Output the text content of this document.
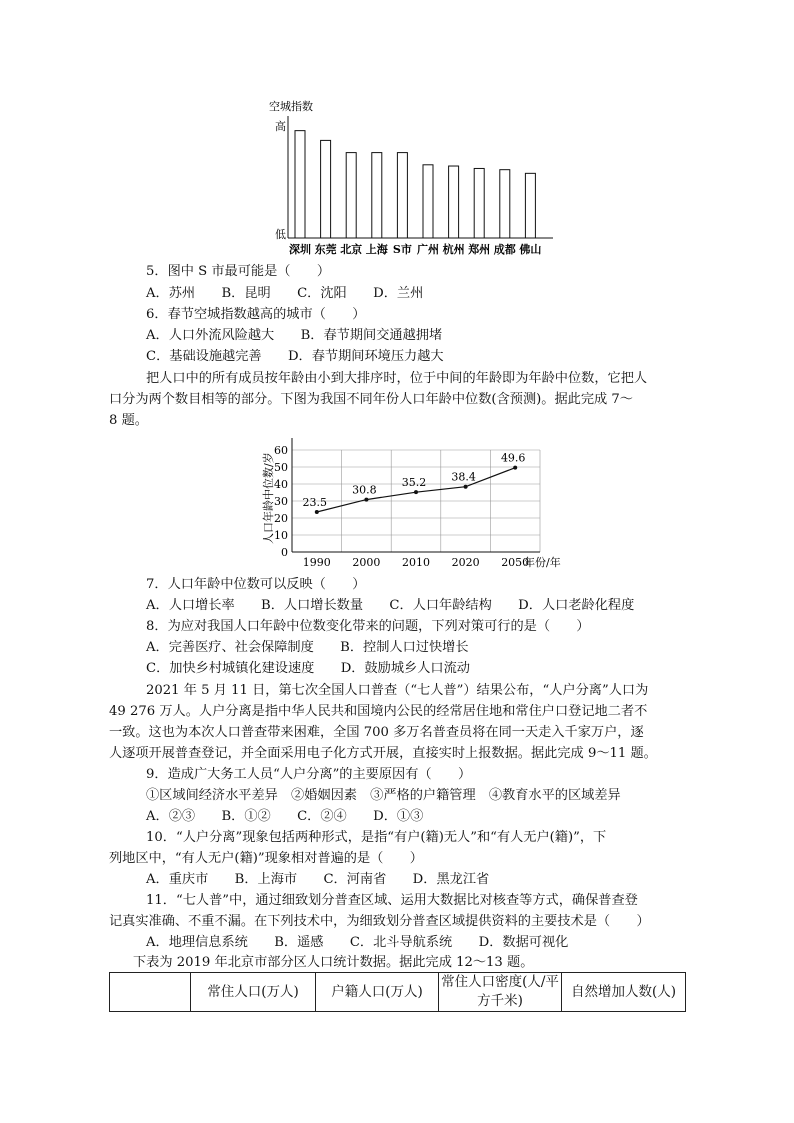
空城指数
高
低
深圳 东莞 北京 上海 S市 广州 杭州 郑州 成都 佛山
5．图中 S 市最可能是（　　）
A．苏州　　B．昆明　　C．沈阳　　D．兰州
6．春节空城指数越高的城市（　　）
A．人口外流风险越大　　B．春节期间交通越拥堵
C．基础设施越完善　　D．春节期间环境压力越大
把人口中的所有成员按年龄由小到大排序时，位于中间的年龄即为年龄中位数，它把人
口分为两个数目相等的部分。下图为我国不同年份人口年龄中位数(含预测)。据此完成 7～
8 题。
人口年龄中位数/岁
0
10
20
30
40
50
60
1990 2000 2010 2020 2050
年份/年
23.5
30.8
35.2 38.4
49.6
7．人口年龄中位数可以反映（　　）
A．人口增长率　　B．人口增长数量　　C．人口年龄结构　　D．人口老龄化程度
8．为应对我国人口年龄中位数变化带来的问题，下列对策可行的是（　　）
A．完善医疗、社会保障制度　　B．控制人口过快增长
C．加快乡村城镇化建设速度　　D．鼓励城乡人口流动
2021 年 5 月 11 日，第七次全国人口普查（“七人普”）结果公布，“人户分离”人口为
49 276 万人。人户分离是指中华人民共和国境内公民的经常居住地和常住户口登记地二者不
一致。这也为本次人口普查带来困难，全国 700 多万名普查员将在同一天走入千家万户，逐
人逐项开展普查登记，并全面采用电子化方式开展，直接实时上报数据。据此完成 9～11 题。
9．造成广大务工人员“人户分离”的主要原因有（　　）
①区域间经济水平差异　②婚姻因素　③严格的户籍管理　④教育水平的区域差异
A．②③　　B．①②　　C．②④　　D．①③
10．“人户分离”现象包括两种形式，是指“有户(籍)无人”和“有人无户(籍)”，下
列地区中，“有人无户(籍)”现象相对普遍的是（　　）
A．重庆市　　B．上海市　　C．河南省　　D．黑龙江省
11．“七人普”中，通过细致划分普查区域、运用大数据比对核查等方式，确保普查登
记真实准确、不重不漏。在下列技术中，为细致划分普查区域提供资料的主要技术是（　　）
A．地理信息系统　　B．遥感　　C．北斗导航系统　　D．数据可视化
下表为 2019 年北京市部分区人口统计数据。据此完成 12～13 题。
	常住人口(万人)	户籍人口(万人)	常住人口密度(人/平方千米)	自然增加人数(人)
